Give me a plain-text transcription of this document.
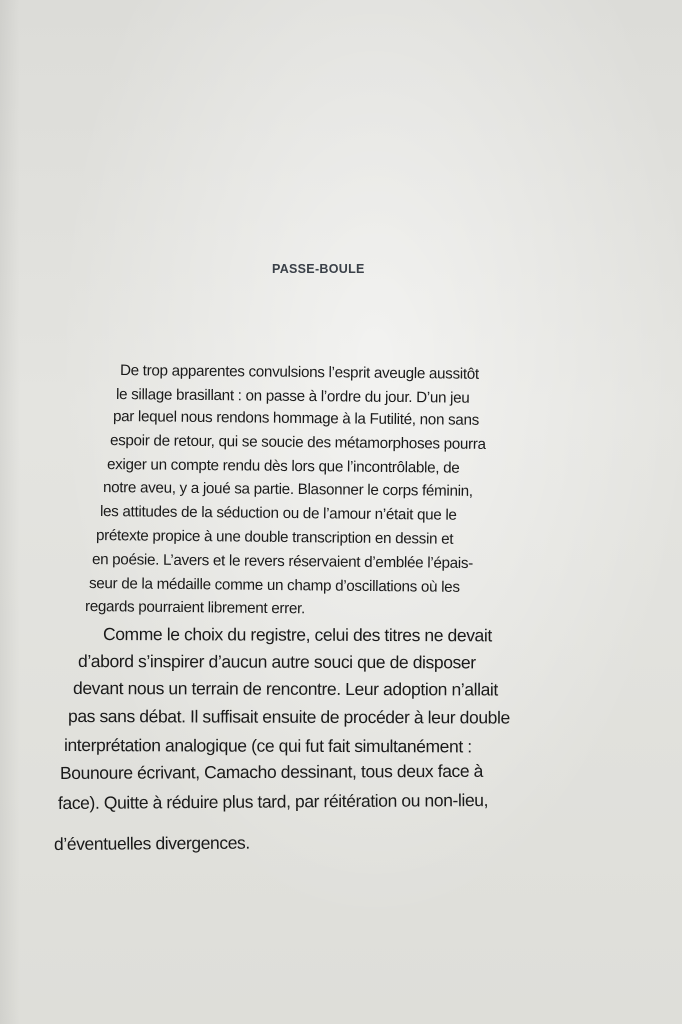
PASSE-BOULE

De trop apparentes convulsions l’esprit aveugle aussitôt

le sillage brasillant : on passe à l’ordre du jour. D’un jeu

par lequel nous rendons hommage à la Futilité, non sans

espoir de retour, qui se soucie des métamorphoses pourra

exiger un compte rendu dès lors que l’incontrôlable, de

notre aveu, y a joué sa partie. Blasonner le corps féminin,

les attitudes de la séduction ou de l’amour n’était que le

prétexte propice à une double transcription en dessin et

en poésie. L’avers et le revers réservaient d’emblée l’épais-

seur de la médaille comme un champ d’oscillations où les

regards pourraient librement errer.

Comme le choix du registre, celui des titres ne devait

d’abord s’inspirer d’aucun autre souci que de disposer

devant nous un terrain de rencontre. Leur adoption n’allait

pas sans débat. Il suffisait ensuite de procéder à leur double

interprétation analogique (ce qui fut fait simultanément :

Bounoure écrivant, Camacho dessinant, tous deux face à

face). Quitte à réduire plus tard, par réitération ou non-lieu,

d’éventuelles divergences.
